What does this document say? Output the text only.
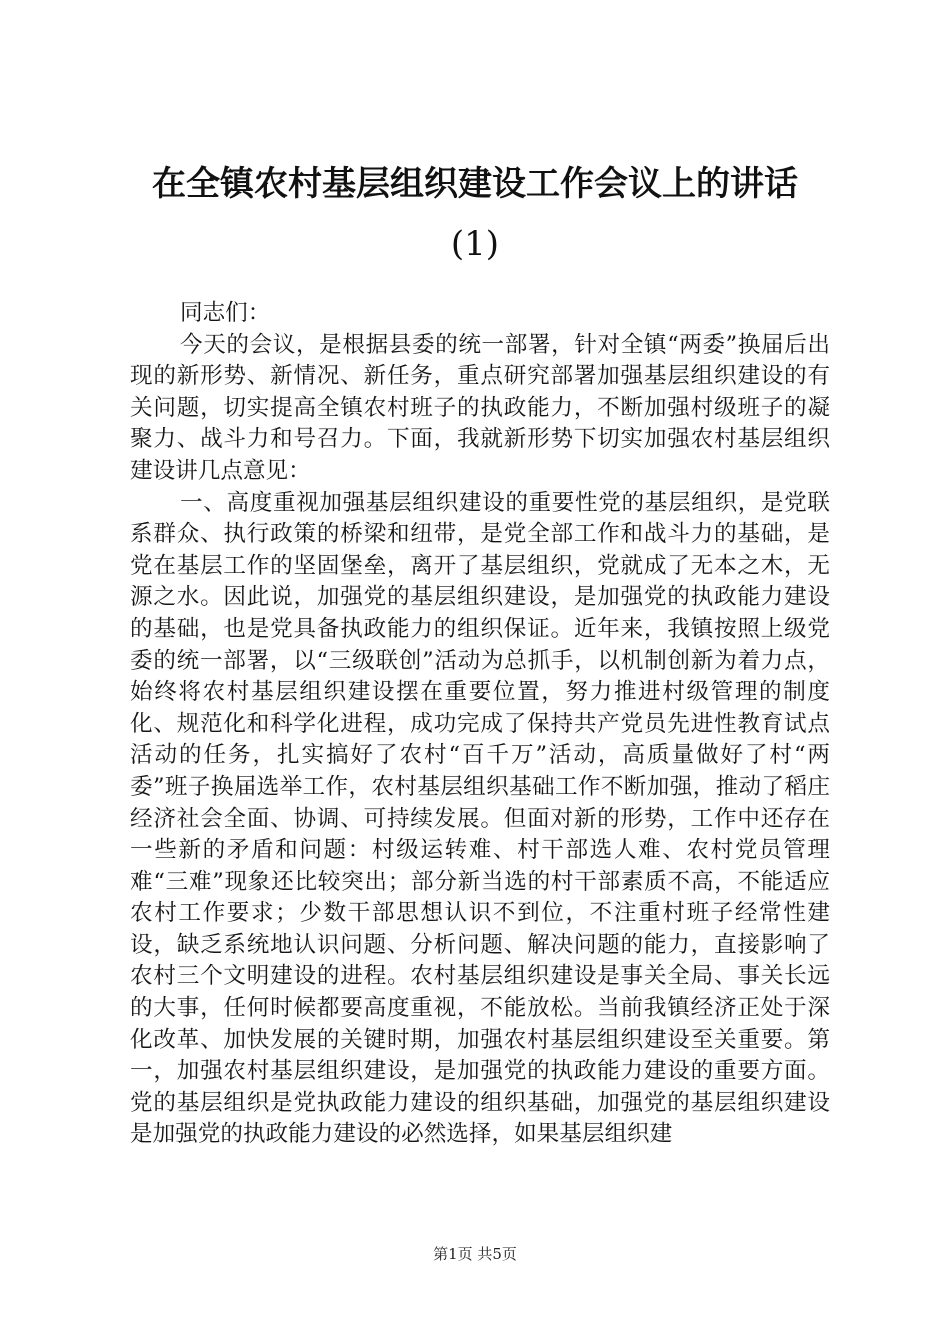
在全镇农村基层组织建设工作会议上的讲话
(1)

同志们：

今天的会议，是根据县委的统一部署，针对全镇“两委”换届后出现的新形势、新情况、新任务，重点研究部署加强基层组织建设的有关问题，切实提高全镇农村班子的执政能力，不断加强村级班子的凝聚力、战斗力和号召力。下面，我就新形势下切实加强农村基层组织建设讲几点意见：

一、高度重视加强基层组织建设的重要性党的基层组织，是党联系群众、执行政策的桥梁和纽带，是党全部工作和战斗力的基础，是党在基层工作的坚固堡垒，离开了基层组织，党就成了无本之木，无源之水。因此说，加强党的基层组织建设，是加强党的执政能力建设的基础，也是党具备执政能力的组织保证。近年来，我镇按照上级党委的统一部署，以“三级联创”活动为总抓手，以机制创新为着力点，始终将农村基层组织建设摆在重要位置，努力推进村级管理的制度化、规范化和科学化进程，成功完成了保持共产党员先进性教育试点活动的任务，扎实搞好了农村“百千万”活动，高质量做好了村“两委”班子换届选举工作，农村基层组织基础工作不断加强，推动了稻庄经济社会全面、协调、可持续发展。但面对新的形势，工作中还存在一些新的矛盾和问题：村级运转难、村干部选人难、农村党员管理难“三难”现象还比较突出；部分新当选的村干部素质不高，不能适应农村工作要求；少数干部思想认识不到位，不注重村班子经常性建设，缺乏系统地认识问题、分析问题、解决问题的能力，直接影响了农村三个文明建设的进程。农村基层组织建设是事关全局、事关长远的大事，任何时候都要高度重视，不能放松。当前我镇经济正处于深化改革、加快发展的关键时期，加强农村基层组织建设至关重要。第一，加强农村基层组织建设，是加强党的执政能力建设的重要方面。党的基层组织是党执政能力建设的组织基础，加强党的基层组织建设是加强党的执政能力建设的必然选择，如果基层组织建

第1页 共5页
